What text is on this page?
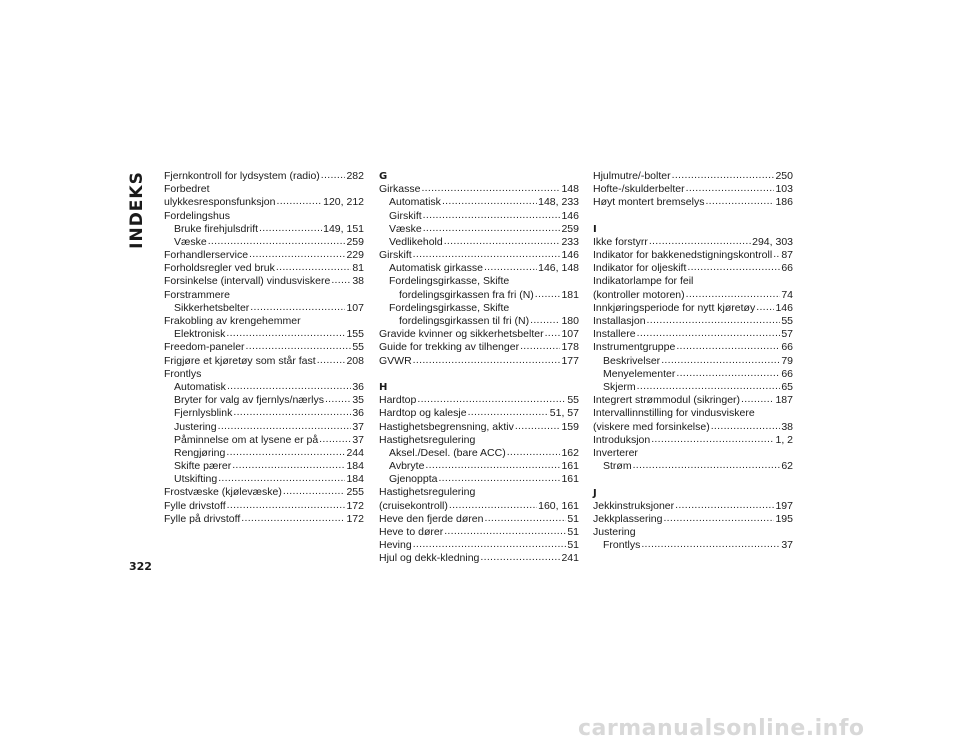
INDEKS Fjernkontroll for lydsystem (radio) .....	282
Forbedret
ulykkesresponsfunksjon .....	120, 212
Fordelingshus
Bruke firehjulsdrift .....	149, 151
Væske .....	259
Forhandlerservice .....	229
Forholdsregler ved bruk .....	81
Forsinkelse (intervall) vindusviskere ..... 38
Forstrammere
Sikkerhetsbelter .....	107
Frakobling av krengehemmer
Elektronisk .....	155
Freedom-paneler .....	55
Frigjøre et kjøretøy som står fast .....	208
Frontlys
Automatisk .....	36
Bryter for valg av fjernlys/nærlys .....	35
Fjernlysblink .....	36
Justering .....	37
Påminnelse om at lysene er på .....	37
Rengjøring .....	244
Skifte pærer .....	184
Utskifting .....	184
Frostvæske (kjølevæske) .....	255
Fylle drivstoff .....	172
Fylle på drivstoff .....	172
G
Girkasse .....	148
Automatisk .....	148, 233
Girskift .....	146
Væske .....	259
Vedlikehold .....	233
Girskift .....	146
Automatisk girkasse .....	146, 148
Fordelingsgirkasse, Skifte
fordelingsgirkassen fra fri (N) .....	181
Fordelingsgirkasse, Skifte
fordelingsgirkassen til fri (N) .....	180
Gravide kvinner og sikkerhetsbelter ..... 107
Guide for trekking av tilhenger .....	178
GVWR .....	177
H
Hardtop .....	55
Hardtop og kalesje .....	51, 57
Hastighetsbegrensning, aktiv .....	159
Hastighetsregulering
Aksel./Desel. (bare ACC) .....	162
Avbryte .....	161
Gjenoppta .....	161
Hastighetsregulering
(cruisekontroll) .....	160, 161
Heve den fjerde døren .....	51
Heve to dører .....	51
Heving .....	51
Hjul og dekk-kledning .....	241
Hjulmutre/-bolter .....	250
Hofte-/skulderbelter .....	103
Høyt montert bremselys .....	186
I
Ikke forstyrr .....	294, 303
Indikator for bakkenedstigningskontroll ..... 87
Indikator for oljeskift .....	66
Indikatorlampe for feil
(kontroller motoren) .....	74
Innkjøringsperiode for nytt kjøretøy ..... 146
Installasjon .....	55
Installere .....	57
Instrumentgruppe .....	66
Beskrivelser .....	79
Menyelementer .....	66
Skjerm .....	65
Integrert strømmodul (sikringer) .....	187
Intervallinnstilling for vindusviskere
(viskere med forsinkelse) .....	38
Introduksjon .....	1, 2
Inverterer
Strøm .....	62
J
Jekkinstruksjoner .....	197
Jekkplassering .....	195
Justering
Frontlys .....	37
322
carmanualsonline.info
